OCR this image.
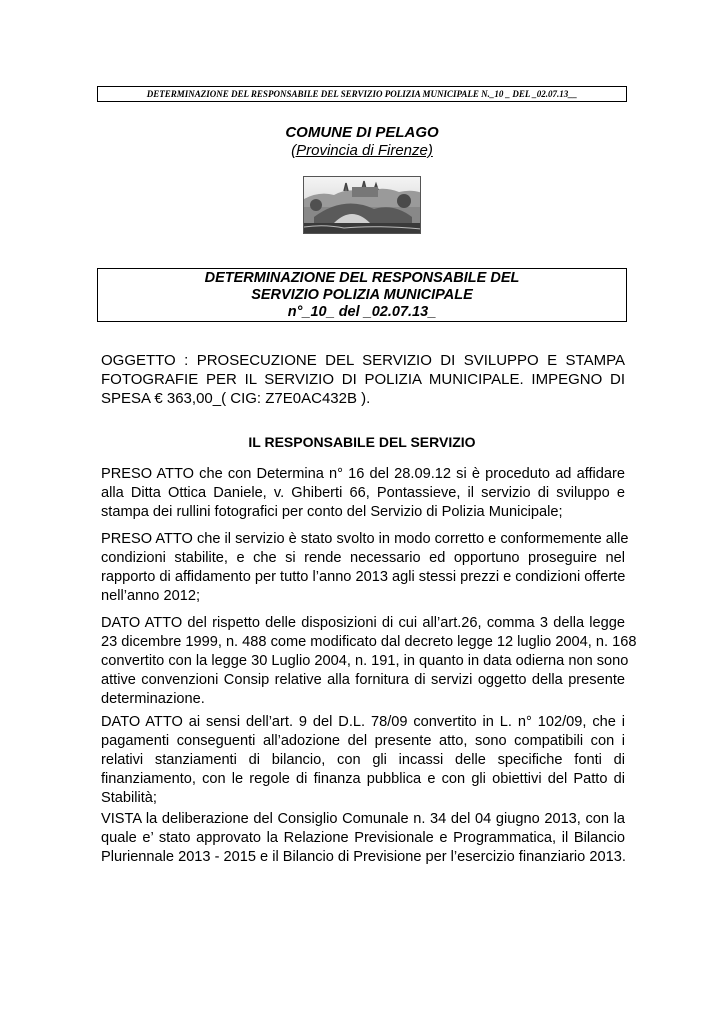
DETERMINAZIONE DEL RESPONSABILE DEL SERVIZIO POLIZIA MUNICIPALE N._10 _ DEL _02.07.13__
COMUNE DI PELAGO
(Provincia di Firenze)
DETERMINAZIONE DEL RESPONSABILE DEL
SERVIZIO POLIZIA MUNICIPALE
n°_10_ del _02.07.13_
OGGETTO : PROSECUZIONE DEL SERVIZIO DI SVILUPPO E STAMPA
FOTOGRAFIE PER IL SERVIZIO DI POLIZIA MUNICIPALE. IMPEGNO DI
SPESA € 363,00_( CIG: Z7E0AC432B ).
IL RESPONSABILE DEL SERVIZIO
PRESO ATTO che con Determina n° 16 del 28.09.12 si è proceduto ad affidare
alla Ditta Ottica Daniele, v. Ghiberti 66, Pontassieve, il servizio di sviluppo e
stampa dei rullini fotografici per conto del Servizio di Polizia Municipale;
PRESO ATTO che il servizio è stato svolto in modo corretto e conformemente alle
condizioni stabilite, e che si rende necessario ed opportuno proseguire nel
rapporto di affidamento per tutto l’anno 2013 agli stessi prezzi e condizioni offerte
nell’anno 2012;
DATO ATTO del rispetto delle disposizioni di cui all’art.26, comma 3 della legge
23 dicembre 1999, n. 488 come modificato dal decreto legge 12 luglio 2004, n. 168
convertito con la legge 30 Luglio 2004, n. 191, in quanto in data odierna non sono
attive convenzioni Consip relative alla fornitura di servizi oggetto della presente
determinazione.
DATO ATTO ai sensi dell’art. 9 del D.L. 78/09 convertito in L. n° 102/09, che i
pagamenti conseguenti all’adozione del presente atto, sono compatibili con i
relativi stanziamenti di bilancio, con gli incassi delle specifiche fonti di
finanziamento, con le regole di finanza pubblica e con gli obiettivi del Patto di
Stabilità;
VISTA la deliberazione del Consiglio Comunale n. 34 del 04 giugno 2013, con la
quale e’ stato approvato la Relazione Previsionale e Programmatica, il Bilancio
Pluriennale 2013 - 2015 e il Bilancio di Previsione per l’esercizio finanziario 2013.
